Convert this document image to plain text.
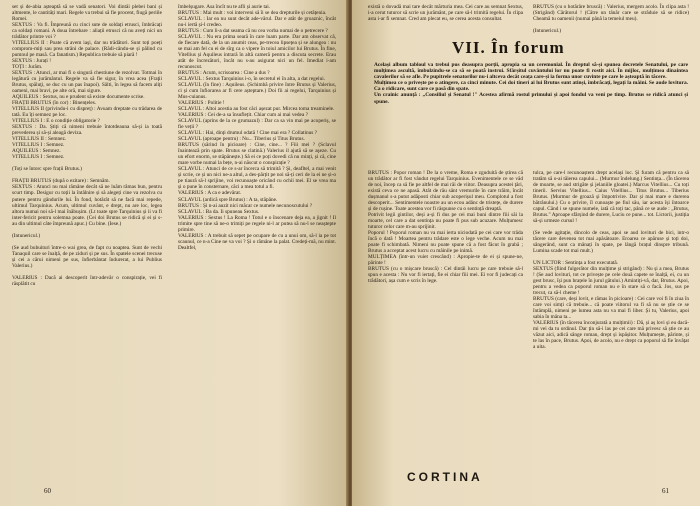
set și de-abia așteaptă să se vadă senatori. Voi dintâi plebei bani și altmente, le cantități mari. Regele va trebui să fie procent, fiugă periile Romei.
SEXTUS : Va fi. Împreună cu cinci sute de soldați etrusci, îmbrăcați ca soldați romani. A doua întrebare : aliații etrusci că nu aveți nici un trădător printre voi ?
VITELLIUS II : Poate că avem iaşi, dar nu trădători. Sunt toți poeți comprom-miți sau prea strâni de palace. (Rădi-cându-se și pălind cu pumnul pe masă. Ca fanatism.) Republica trebuie să piară !
SEXTUS : Jurați !
TOȚI : Jurăm.
SEXTUS : Atunci, ar mai fi o singură chestiune de rezolvat. Totmai în legătură cu jurământul. Regele va să fie sigur, în vrea acea (Fraţii Brutus, spăluţi, se duc cu un pas înapoi). Sâlti, în legea să facem aliți oameni, mai bravi, pe alte oră, mai sigure.
AQUILEUS : Sextus, nu e prudent să existe documente scrise.
FRAȚII BRUTUS (în cor) : Binențeles.
VITELLIUS II (privindu-i cu dispreț) : Avuam dreptate cu trădarea de tată. Eu îți semnez pe loc.
VITELLIUS I : E o condiție obligatorie ?
SEXTUS : Da. Știți că nimeni trebuie întotdeauna să-și ia toată prevederea și să-și aleagă deviza.
VITELLIUS II : Semnez.
VITELLIUS I : Semnez.
AQUILEUS : Semnez.
VITELLIUS I : Semnez.

(Toți se întorc spre frații Brutus.)

FRAȚII BRUTUS (după o ezitare) : Semnăm.
SEXTUS : Atunci nu mai rămâne decât să ne luăm rămas bun, pentru scurt timp. Desigur cu toții la întâlnire și să alegeți cine va rezolva cu putere pentru gândurile lui. În fond, hotărât să ne facă mai repede, ultimul Tarquinius. Acum, ultimul cuvânt, e drept, nu are loc, legea altora numai noi să-l mai înăbușim. (Lt toate spre Tarquinius și ii va fi inter-fericit pentru solemna poate. (Cei doi Brutus se ridică și ei și s-au din ultimul câte împreună apuc.) Cu bine. (Iese.)

(Intunericul.)

(Se aud bubuituri între-o wai grea, de fapt cu noaptea. Sunt de vechi Tanaquil care se înalță, de pe ziduri și pe sus. În spatele scenei trecuse și cei a cărui nimeni pe sus, înfierbântat îndurerat, a lui Publius Valerius.)

VALERIUS : Dacă ai descoperit într-adevăr o conspirație, vei fi răsplătit cu
îmbelșugare. Asa încît nu te afli și aurie tai.
BRUTUS : Mai mult : voi interveni să îi se dea drepturile și cetățenia.
SCLAVUL : Iar ea nu sunt decât ade-vărul. Dar e atât de groaznic, încât nu-i iertă și-l credeo.
BRUTUS : Cum li-a dat seama că nu cea vorba numai de o petrecere ?
SCLAVUL : Nu era prima seară în care luam parte. Dar am observat că, de fiecare dată, de la un anumit ceas, pe-trecea lipsețea și se alungea : nu se mai am fel cu ei de sîrg ca o vipere în toiul amicilor lui Brutus. În fine, Vitellius și Aquileus intrară în altă cameră pentru a discuta secrete. Erau atât de încrezători, încât nu s-au asigurat nici un fel. Imediat i-am recunoscut.
BRUTUS : Acum, scrisoarea : Cine a dus ?
SCLAVUL : Sextus Tarquinius i-o, în secretul ei în alta, a dat regelui.
SCLAVUL (în fine) : Aquileus. (Schimbă privire între Brutus și Valerius, ci și cum înfiorarea ar fi cere așteptare.) Doi fii ai regelui, Tarquinius și Mus-cuianus.
VALERIUS : Politie !
SCLAVUL : Altoi acestia au fost căci așezat pur. Mircea toma treaminele.
VALERIUS : Cei de-a sa însuflețit. Chiar cum ai mai vedea ?
SCLAVUL (aprins de la ce grumazul) : Dar ca sa vin mai pe acoperiș, se fie veții ?
SCLAVUL : Hai, dinți drumul odată ! Cine mai era ? Collatinus ?
SCLAVUL (aproape pentru) : Nu... Tiberius și Titus Brutus.
BRUTUS (sărind în picioare) : Cine, cine... ? Fiii mei ? (Sclavul înaintează prin spate. Brutus se clatină.) Valerius il ajută să se aşeze. Cu un efort enorm, se stăpânește.) Să ei ce poți dovedi că nu minți, și că, cine mare vorbe numai la bețe, n-ai născut o conspirație ?
SCLAVUL : Atunci de ce s-ar încerca să trimită ? Și, deafltel, a mai venit și scrie, ce și un nici ne-a altul, a des-părțit pe noi să-ți ceri de la ei ne și-o pe tiaură să-l sprijine, voi recunoaște oricând cu ochii mei. El se vrea ma și o pune în consternare, căci a mea totul a fi.
VALERIUS : A ca e adevărat.
SCLAVUL (ardică spre Brutus) : A ta, stăpâne.
BRUTUS : Și n-ai auzit nici măcar ce numele necunoscutului ?
SCLAVUL : Ba da. Ii spuneau Sextus.
VALERIUS : Sextus ! La Roma ! Totul e o înscenare deja ea, a jignit ! Il trimite spre tine să ne-o trimiți pe regele ni-l ar putea să nu-l se neaștepte primire.
VALERIUS : A trebuit să sepet pe ocupare de cu a unui om, să-l ia pe tot scaunul, ce n-a Cine ne va voi ? Și o rămâne la palat. Credeți-mă, nu mint. Dealtfel,
60
există o dovadă mai tare decât mărturia mea. Cei care au semnat Sextus, i-a cerut tuturor să scrie un jurământ, pe care să-l trimită regelui. În clipa asta i-ar fi semnat. Cred am plecat eu, se cerea acesta consultat.
BRUTUS (cu o hotărâre bruscă) : Valerius, mergem acolo. În clipa asta ! (Strigând) Cărătorul ! (Către un tânăr care se străduie să se ridice) Cheamă tu oamenii (numai până la temeiul meu).

(Intunericul.)
VII. În forum
Același album tabloul va trebui pus deasupra porții, apropia sa un ceremonial. În dreptul să-și spunea decretele Senatului, pe care mulțimea ascultă, îmbulzindu-se ca să se poată instrui. Sfârșitul cuvântului lor nu poate fi rostit aici. În mijloc, mulțimea dinaintea cavalerilor să se afle. Pe pupitrele senatorilor nu-i altceva decât ceața care-și ia forma unor cuvinte pe care le așteaptă în tăcere.
Mulțimea ce o privește pe o atingere, ca cinci minute. Cei doi tineri ai lui Brutus sunt atinși, îmbrăcați, legați la mâini. Se aude lovitura. Ca o ridicare, sunt care ce pasă din spate.
Un crainic anunță : „Consiliul și Senatul !" Acestea afirmă rostul primului și apoi fondul va veni pe timp. Brutus se ridică atunci și spune.
BRUTUS : Popor roman ! De la o vreme, Roma e zguduită de știrea că un trădător ar fi fost vândut regelui Tarquinius. Evenimentele ce se văd de noi, încep ca să fie pe altfel de mai răi de viitor. Deasupra acestei țări, există ceva ce ne apasă. Atât de rău sânt vremurile în care trăim, încât dușmanul s-a putut adăposti chiar sub acoperișul meu. Complotul a fost descoperit... Sentimentele noastre au un ecou adânc de tristețe, de durere și de rușine. Toate acestea vor fi răspunse cu o sentință dreaptă.
Potrivit legii gintilor, deși a-și fi dus pe cei mai buni dintre fiii săi la moarte, cel care a dat sentința nu poate fi pus sub acuzare. Mulțumesc tuturor celor care m-au sprijinit.
Poporul ! Poporul roman nu va mai ierta niciodată pe cei care vor trăda încă o dată ! Moartea pentru trădare este o lege veche. Acum nu mai poate fi schimbată. Nimeni nu poate spune că a fost făcut în grabă ; Brutus a acceptat acest lucru cu mâinile pe inimă.
MULȚIMEA (într-un vuiet crescând) : Apropie-te de ei și spune-ne, părinte !
BRUTUS (cu o mișcare bruscă) : Cel dintâi lucru pe care trebuie să-l spun e acesta : Nu vor fi iertați, fie ei chiar fiii mei. Ei vor fi judecați ca trădători, așa cum e scris în lege.
tulca, pe care-l recunoaștem drept același loc. Și furam că pentru ca să tratăm să o-ai tăierea capului... (Murmur îndelung.) Sentința... (În tăcerea de moarte, se aud strigăte și jelaniile gloatei.) Marcus Vitellius... Cu toți tinerii. Servius Vitellius... Caius Vitellius... Titus Brutus... Tiberius Brutus. (Murmur de groază și împotrivire. Dar și mai mare e durerea bătrânului.) Cu o privire, îl cunoaște pe fiul său, iar acesta își întoarce capul. Când i se spune numele, iată că toți tac, până ce se aude : „Brutus, Brutus." Aproape sfârșind de durere, Luciu ce pune... tot. Lictorii, justiția să-și urmeze cursul !

(Se vede agitație, dincolo de ceas, apoi se aud lovituri de bici, intr-o tăcere care devenea tot mai apăsătoare. Eroarea ce apăruse și toți doi, sângerând, sunt ca mânați în spate, pe lângă brațul dinspre tribună. Lumina scade tot mai mult.)

UN LICTOR : Sentința a fost executată.
SEXTUS (fiind fulgerător din mulțime și strigând) : Nu și a mea, Brutus ! (Se aud lovituri, tot ce privește pe cele două capete se înalță, ei, cu un gest brusc, își pun brațele în jurul gâtului.) Amintiți-vă, dar, Brutus. Apoi, pentru a vedea ca poporul roman nu e în stare să o facă. Jos, sus pe trecut, ca să-l cheme !
BRUTUS (care, deși lovit, e rămas în picioare) : Cei care voi fi în ziua în care voi simți că trebuie... că poate viitorul va fi să nu se știe ce se întâmplă, nimeni pe lumea asta nu va mai fi liber. Și tu, Valerius, apoi sabia în mâna ta...
VALERIUS (în tăcerea înconjurată a mulțimii) : Dă, și aș lovi și eu dacă-mi vei da tu ordinul. Dar țin să-i las pe cei care mă privesc să știe ce au văzut aici, adică sânge roman, drept și ispășitor. Mulțumește, părinte, și te las în pace, Brutus. Apoi, de acolo, nu e drept ca poporul să fie învățat a uita.
CORTINA
61
